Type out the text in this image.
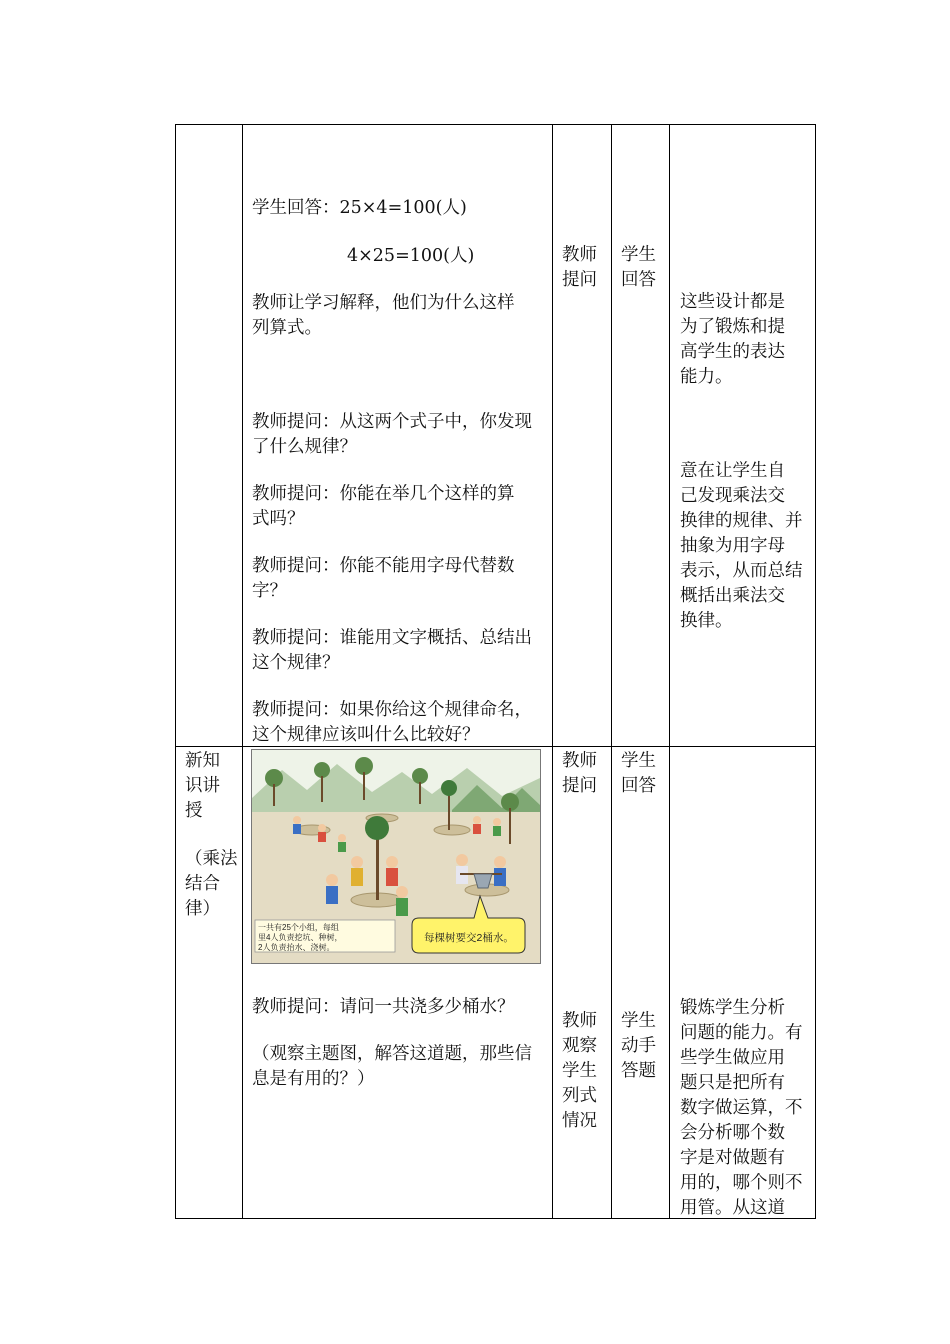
学生回答：25×4=100(人)
4×25=100(人)

教师让学习解释，他们为什么这样

列算式。

教师提问：从这两个式子中，你发现

了什么规律？

教师提问：你能在举几个这样的算

式吗？

教师提问：你能不能用字母代替数

字？

教师提问：谁能用文字概括、总结出

这个规律？

教师提问：如果你给这个规律命名，

这个规律应该叫什么比较好？

教师

提问

学生

回答

这些设计都是

为了锻炼和提

高学生的表达

能力。

意在让学生自

己发现乘法交

换律的规律、并

抽象为用字母

表示，从而总结

概括出乘法交

换律。

新知

识讲

授

（乘法

结合

律）

一共有25个小组，每组
里4人负责挖坑、种树，
2人负责抬水、浇树。
每棵树要交2桶水。
教师提问：请问一共浇多少桶水？

（观察主题图，解答这道题，那些信

息是有用的？）

教师

提问

学生

回答

教师

观察

学生

列式

情况

学生

动手

答题

锻炼学生分析

问题的能力。有

些学生做应用

题只是把所有

数字做运算，不

会分析哪个数

字是对做题有

用的，哪个则不

用管。从这道
